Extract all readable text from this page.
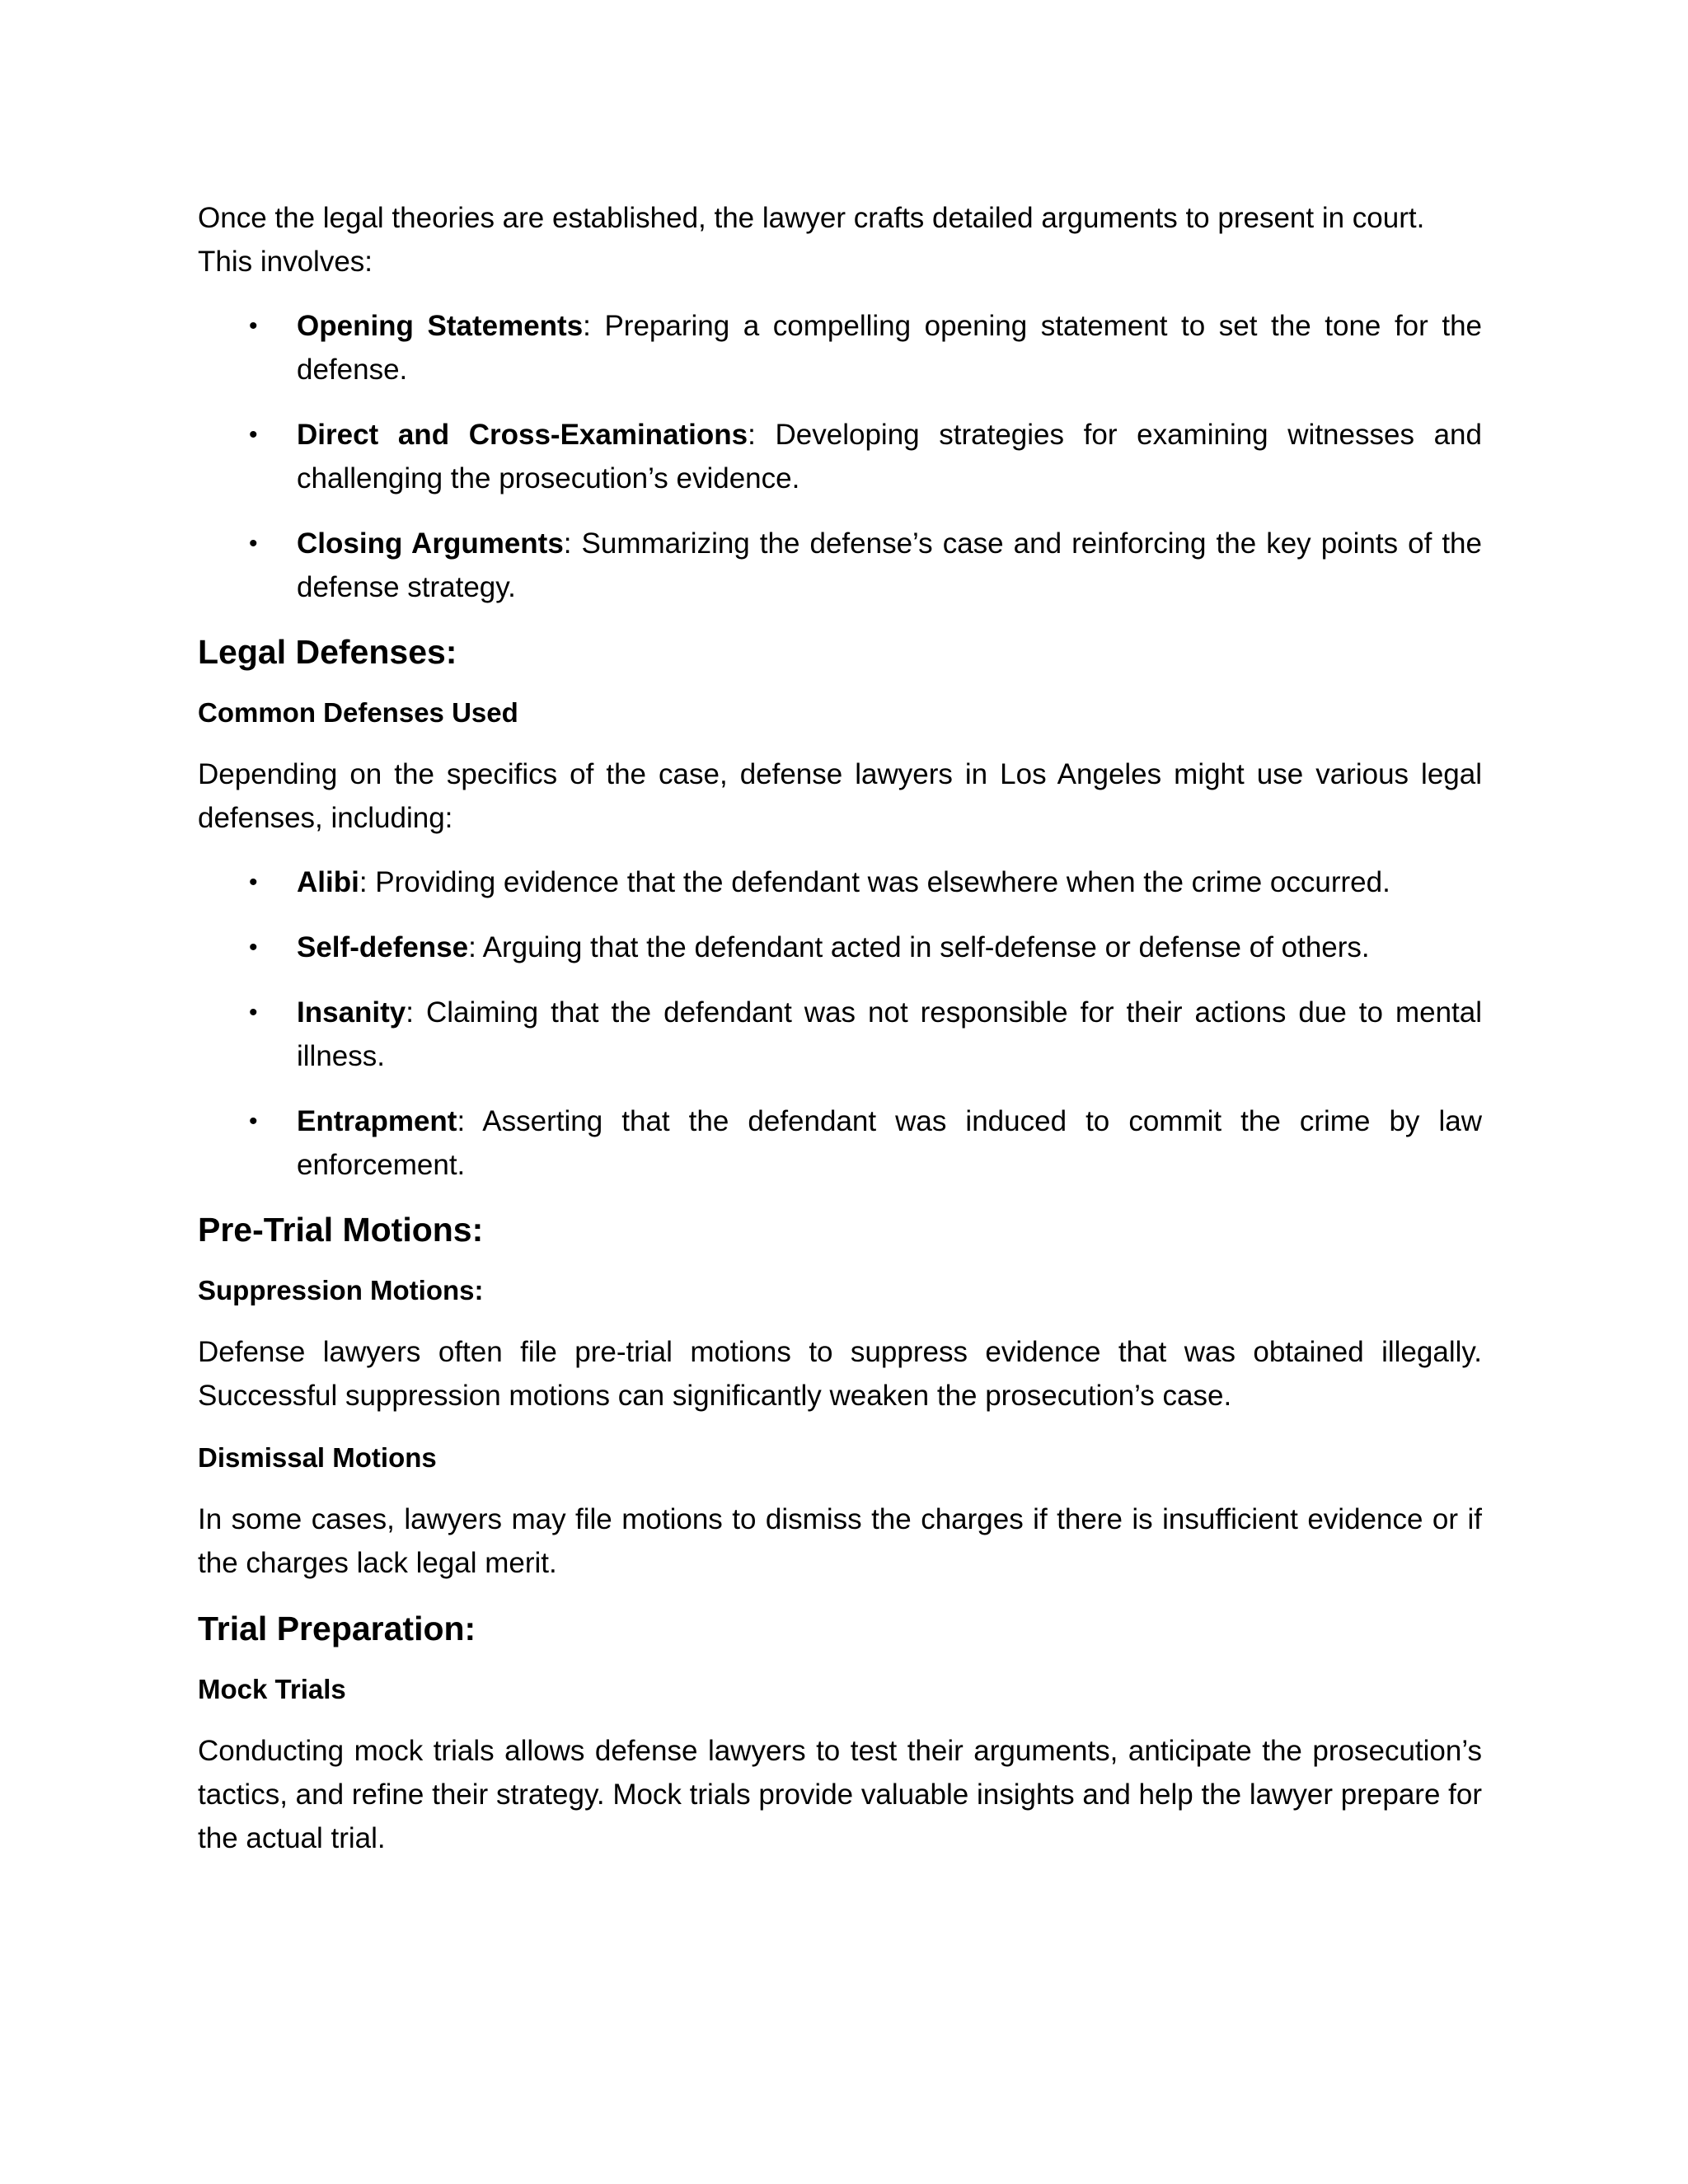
Once the legal theories are established, the lawyer crafts detailed arguments to present in court. This involves:

• Opening Statements: Preparing a compelling opening statement to set the tone for the defense.
• Direct and Cross-Examinations: Developing strategies for examining witnesses and challenging the prosecution’s evidence.
• Closing Arguments: Summarizing the defense’s case and reinforcing the key points of the defense strategy.
Legal Defenses:
Common Defenses Used

Depending on the specifics of the case, defense lawyers in Los Angeles might use various legal defenses, including:

• Alibi: Providing evidence that the defendant was elsewhere when the crime occurred.
• Self-defense: Arguing that the defendant acted in self-defense or defense of others.
• Insanity: Claiming that the defendant was not responsible for their actions due to mental illness.
• Entrapment: Asserting that the defendant was induced to commit the crime by law enforcement.
Pre-Trial Motions:
Suppression Motions:

Defense lawyers often file pre-trial motions to suppress evidence that was obtained illegally. Successful suppression motions can significantly weaken the prosecution’s case.

Dismissal Motions

In some cases, lawyers may file motions to dismiss the charges if there is insufficient evidence or if the charges lack legal merit.

Trial Preparation:
Mock Trials

Conducting mock trials allows defense lawyers to test their arguments, anticipate the prosecution’s tactics, and refine their strategy. Mock trials provide valuable insights and help the lawyer prepare for the actual trial.
